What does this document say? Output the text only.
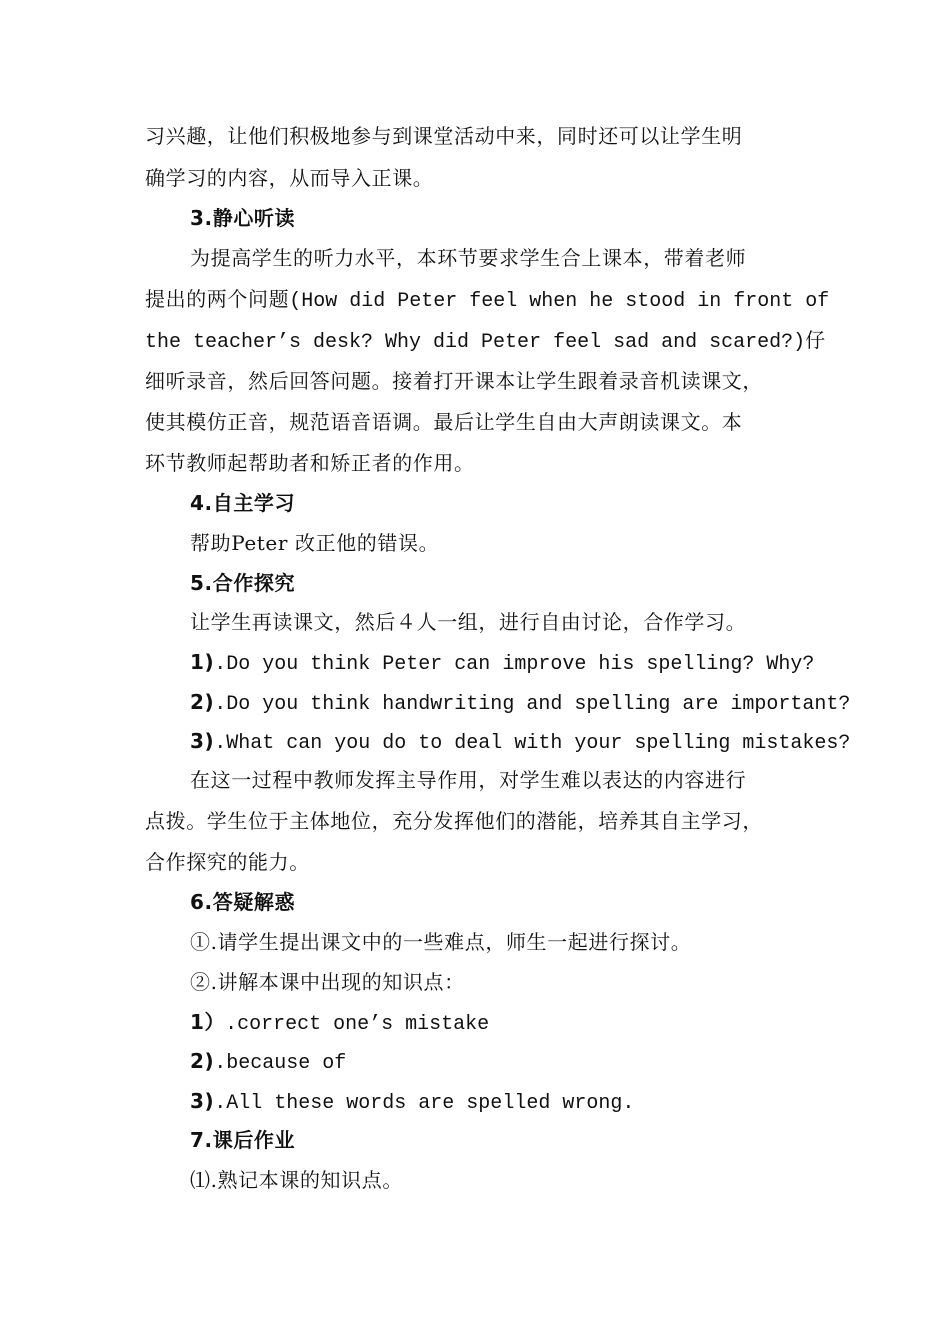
习兴趣，让他们积极地参与到课堂活动中来，同时还可以让学生明
确学习的内容，从而导入正课。
3.静心听读
为提高学生的听力水平，本环节要求学生合上课本，带着老师
提出的两个问题(How did Peter feel when he stood in front of
the teacher’s desk? Why did Peter feel sad and scared?)仔
细听录音，然后回答问题。接着打开课本让学生跟着录音机读课文，
使其模仿正音，规范语音语调。最后让学生自由大声朗读课文。本
环节教师起帮助者和矫正者的作用。
4.自主学习
帮助Peter 改正他的错误。
5.合作探究
让学生再读课文，然后４人一组，进行自由讨论，合作学习。
1).Do you think Peter can improve his spelling? Why?
2).Do you think handwriting and spelling are important?
3).What can you do to deal with your spelling mistakes?
在这一过程中教师发挥主导作用，对学生难以表达的内容进行
点拨。学生位于主体地位，充分发挥他们的潜能，培养其自主学习，
合作探究的能力。
6.答疑解惑
①.请学生提出课文中的一些难点，师生一起进行探讨。
②.讲解本课中出现的知识点：
1）.correct one’s mistake
2).because of
3).All these words are spelled wrong.
7.课后作业
⑴.熟记本课的知识点。
